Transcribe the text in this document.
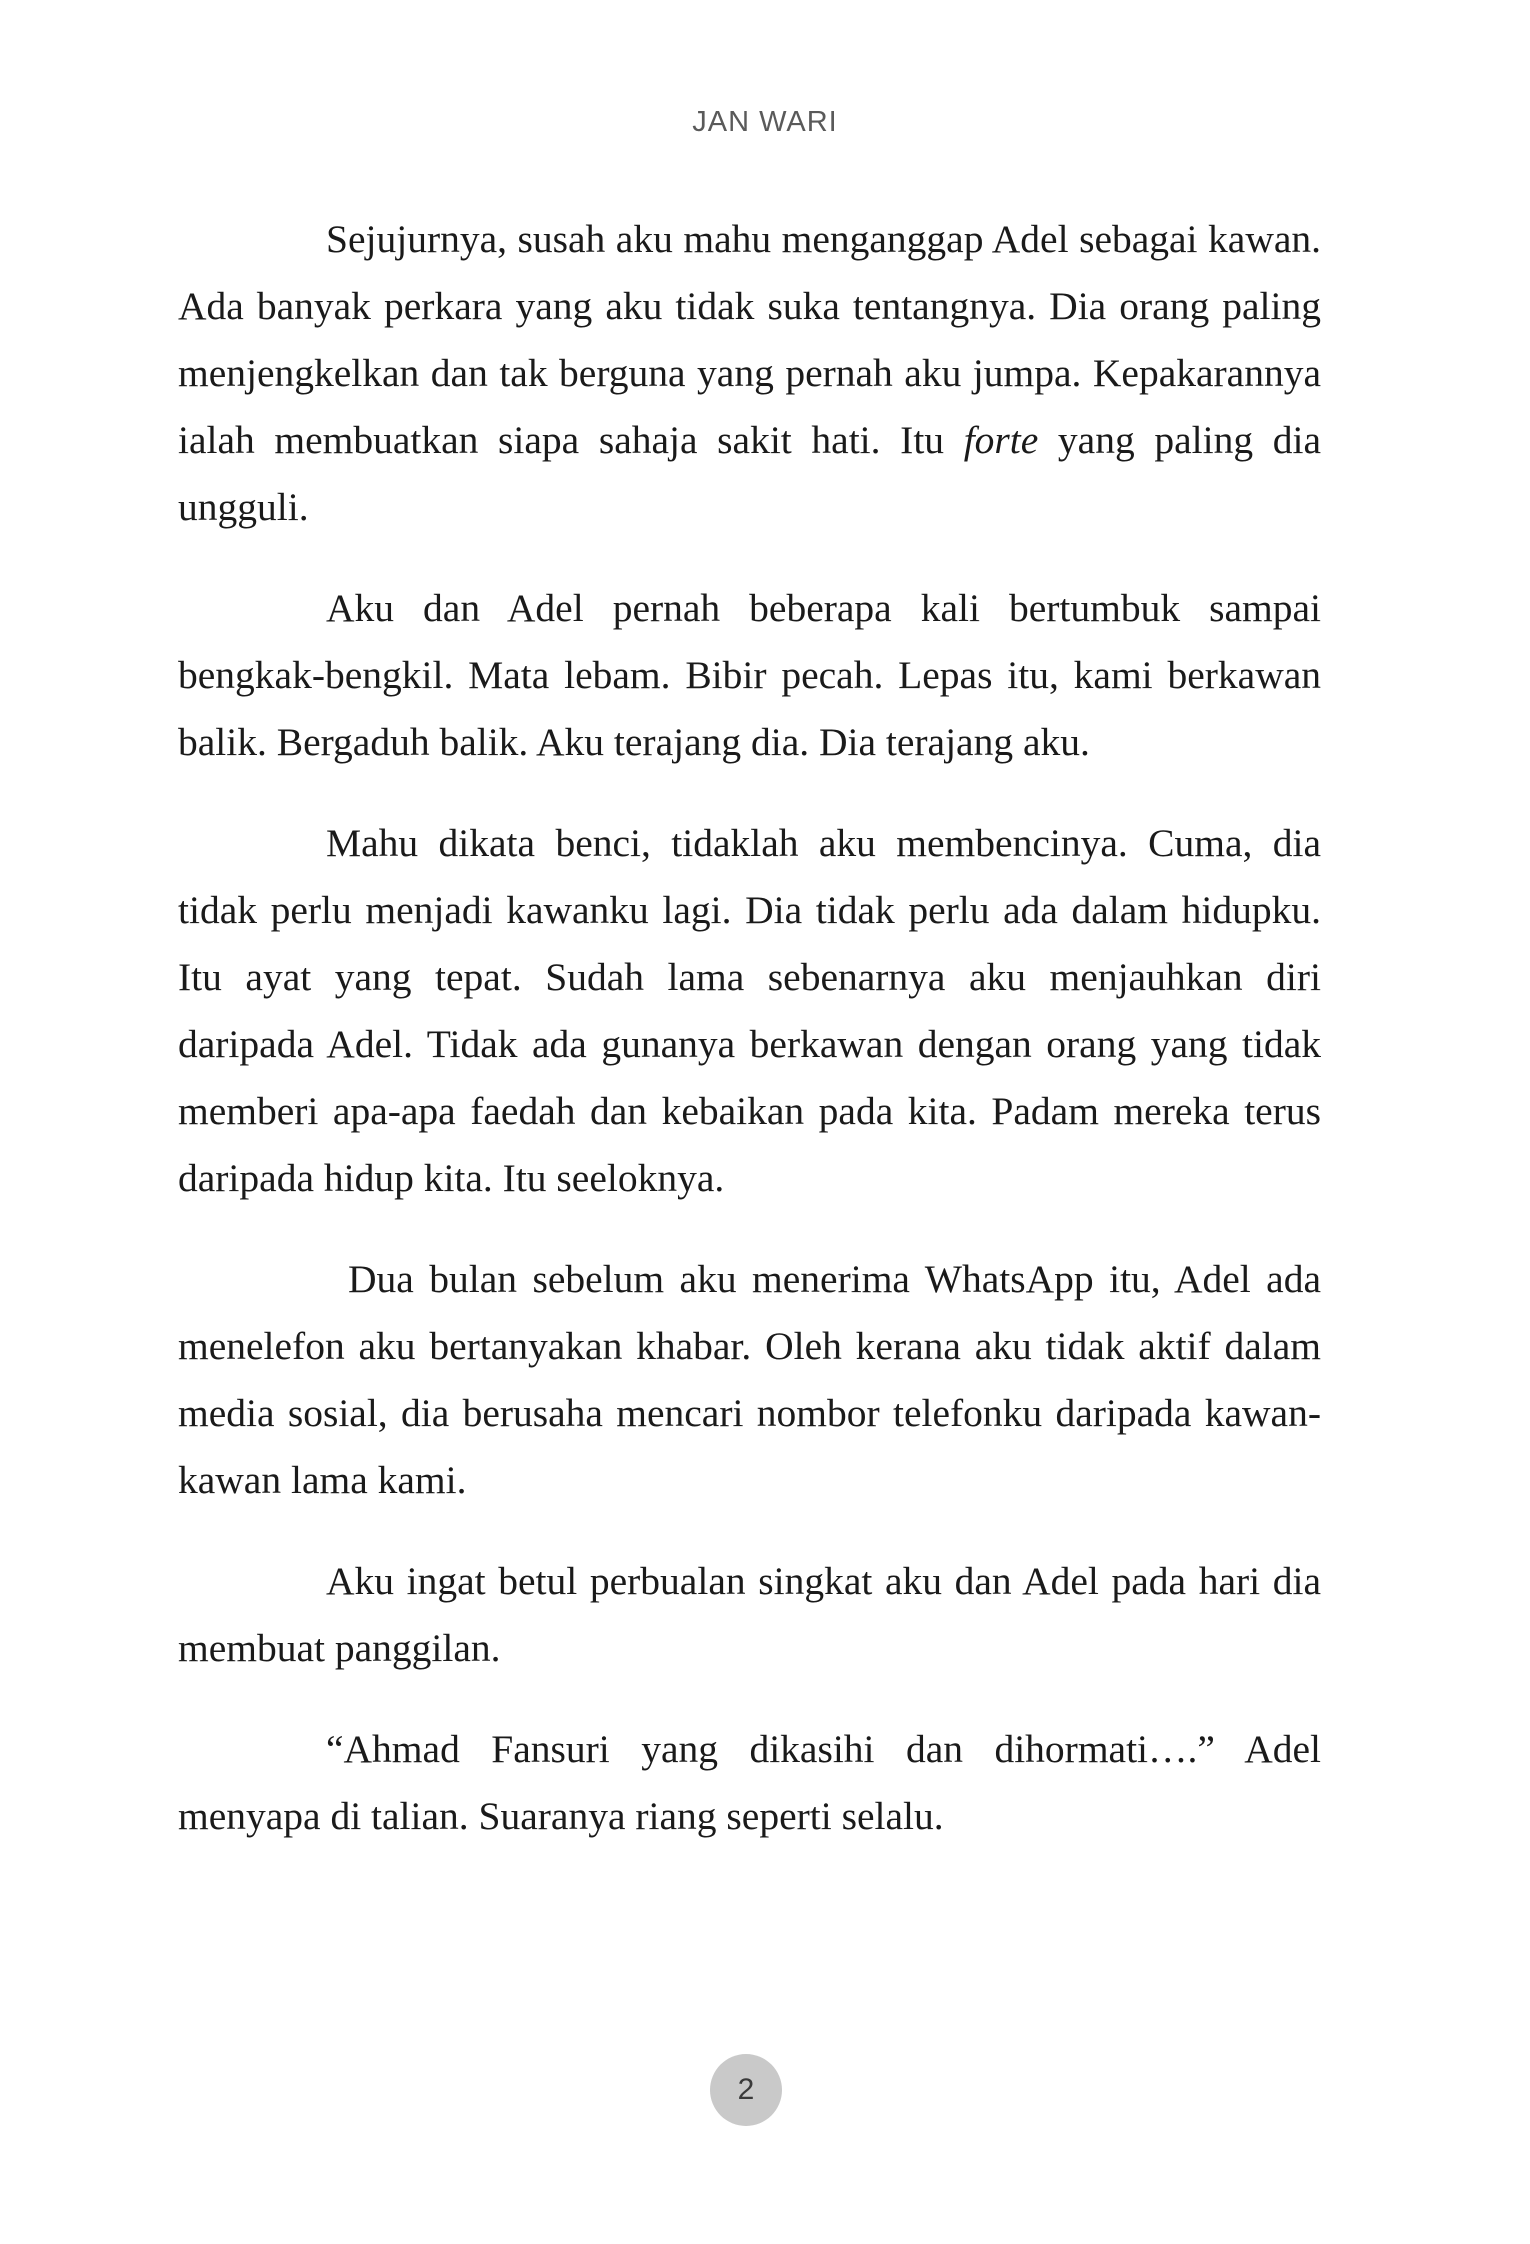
JAN WARI

Sejujurnya, susah aku mahu menganggap Adel sebagai kawan. Ada banyak perkara yang aku tidak suka tentangnya. Dia orang paling menjengkelkan dan tak berguna yang pernah aku jumpa. Kepakarannya ialah membuatkan siapa sahaja sakit hati. Itu forte yang paling dia ungguli.

Aku dan Adel pernah beberapa kali bertumbuk sampai bengkak-bengkil. Mata lebam. Bibir pecah. Lepas itu, kami berkawan balik. Bergaduh balik. Aku terajang dia. Dia terajang aku.

Mahu dikata benci, tidaklah aku membencinya. Cuma, dia tidak perlu menjadi kawanku lagi. Dia tidak perlu ada dalam hidupku. Itu ayat yang tepat. Sudah lama sebenarnya aku menjauhkan diri daripada Adel. Tidak ada gunanya berkawan dengan orang yang tidak memberi apa-apa faedah dan kebaikan pada kita. Padam mereka terus daripada hidup kita. Itu seeloknya.

Dua bulan sebelum aku menerima WhatsApp itu, Adel ada menelefon aku bertanyakan khabar. Oleh kerana aku tidak aktif dalam media sosial, dia berusaha mencari nombor telefonku daripada kawan-kawan lama kami.

Aku ingat betul perbualan singkat aku dan Adel pada hari dia membuat panggilan.

“Ahmad Fansuri yang dikasihi dan dihormati….” Adel menyapa di talian. Suaranya riang seperti selalu.

2
